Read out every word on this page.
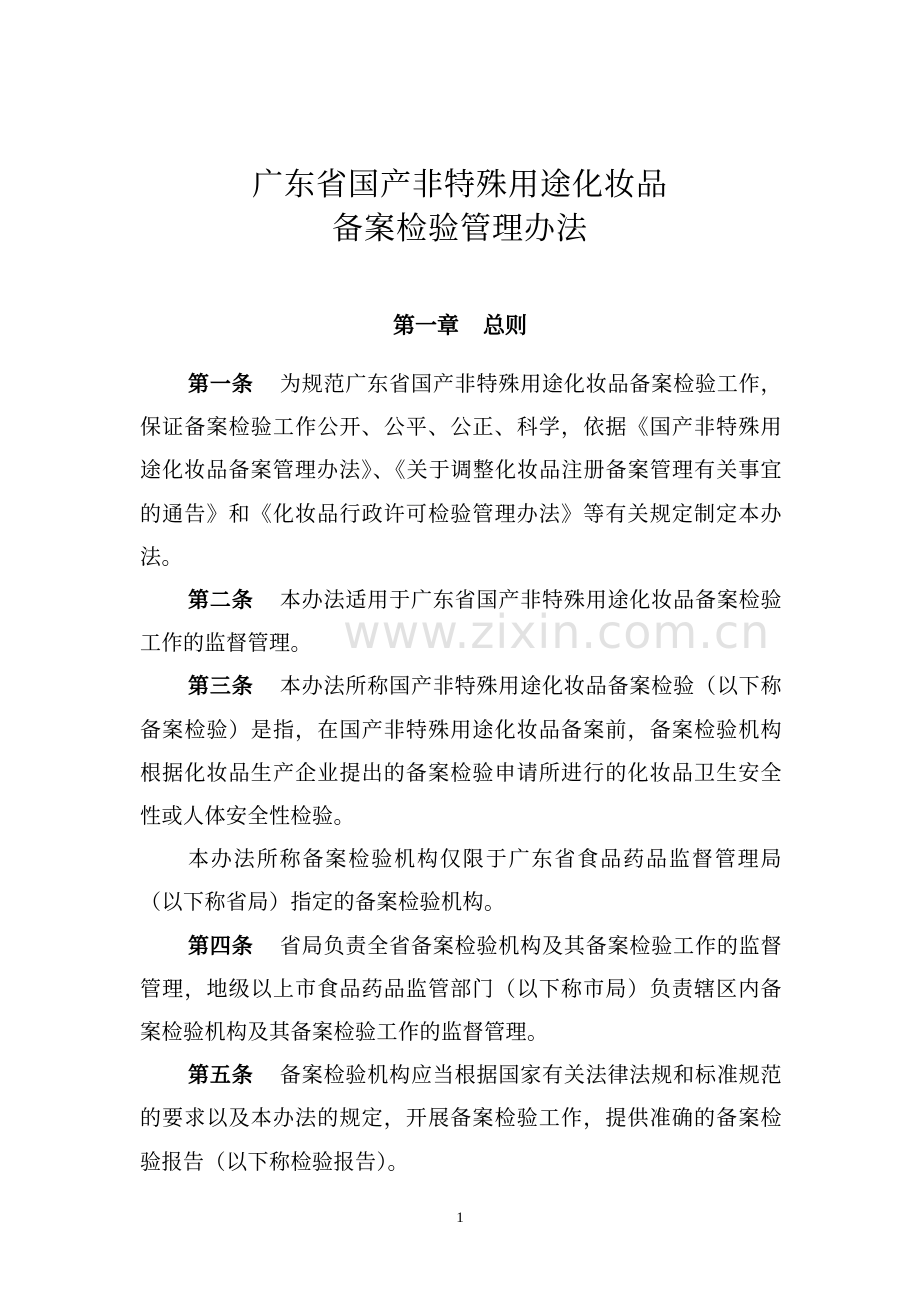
广东省国产非特殊用途化妆品
备案检验管理办法
第一章 总则

第一条 为规范广东省国产非特殊用途化妆品备案检验工作，保证备案检验工作公开、公平、公正、科学，依据《国产非特殊用途化妆品备案管理办法》、《关于调整化妆品注册备案管理有关事宜的通告》和《化妆品行政许可检验管理办法》等有关规定制定本办法。

第二条 本办法适用于广东省国产非特殊用途化妆品备案检验工作的监督管理。

第三条 本办法所称国产非特殊用途化妆品备案检验（以下称备案检验）是指，在国产非特殊用途化妆品备案前，备案检验机构根据化妆品生产企业提出的备案检验申请所进行的化妆品卫生安全性或人体安全性检验。

本办法所称备案检验机构仅限于广东省食品药品监督管理局（以下称省局）指定的备案检验机构。

第四条 省局负责全省备案检验机构及其备案检验工作的监督管理，地级以上市食品药品监管部门（以下称市局）负责辖区内备案检验机构及其备案检验工作的监督管理。

第五条 备案检验机构应当根据国家有关法律法规和标准规范的要求以及本办法的规定，开展备案检验工作，提供准确的备案检验报告（以下称检验报告）。

www.zixin.com.cn
1
